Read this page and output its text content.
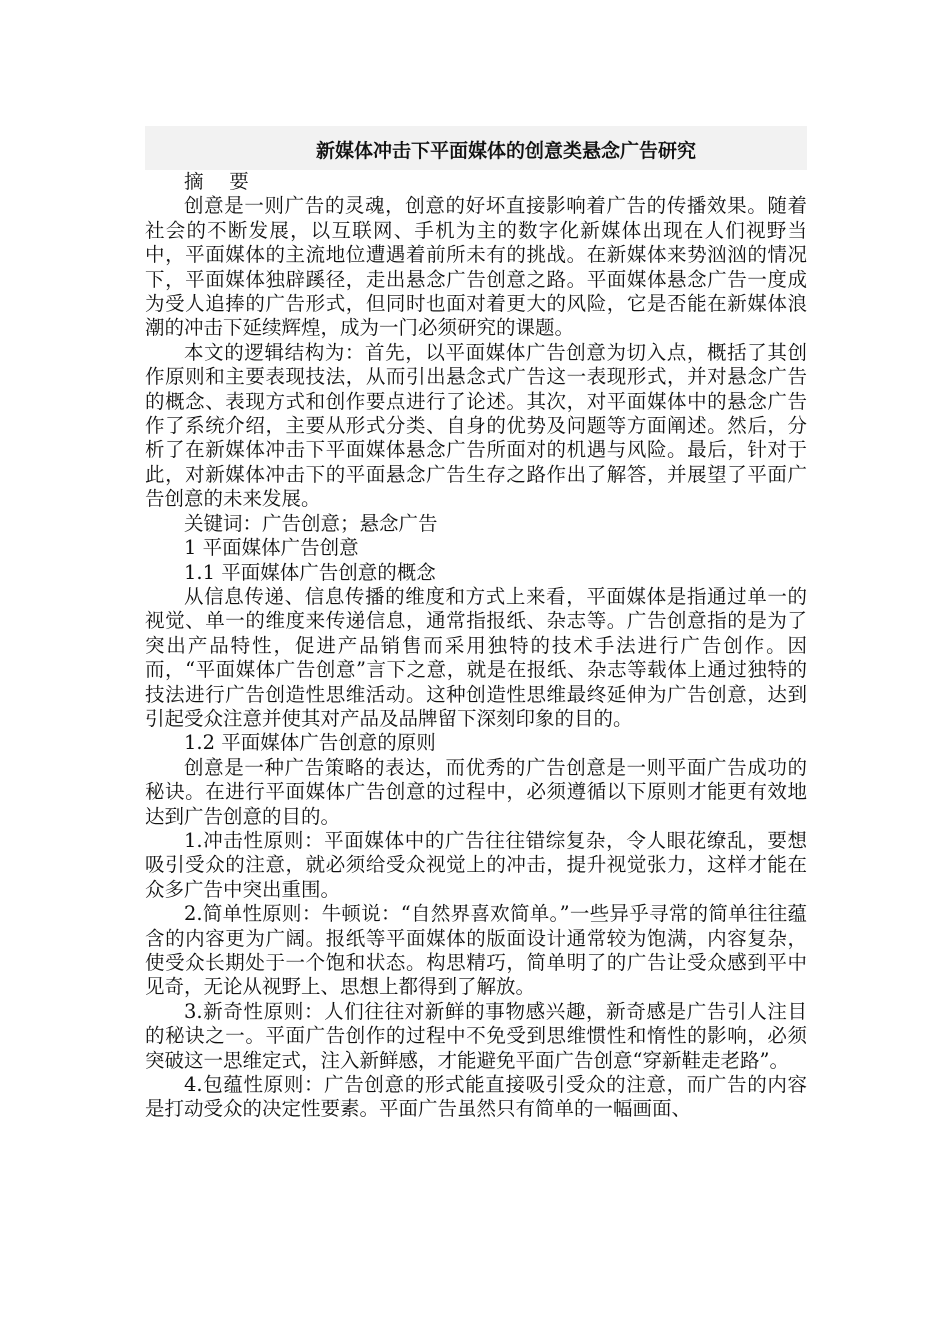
新媒体冲击下平面媒体的创意类悬念广告研究

摘 要

创意是一则广告的灵魂，创意的好坏直接影响着广告的传播效果。随着社会的不断发展，以互联网、手机为主的数字化新媒体出现在人们视野当中，平面媒体的主流地位遭遇着前所未有的挑战。在新媒体来势汹汹的情况下，平面媒体独辟蹊径，走出悬念广告创意之路。平面媒体悬念广告一度成为受人追捧的广告形式，但同时也面对着更大的风险，它是否能在新媒体浪潮的冲击下延续辉煌，成为一门必须研究的课题。

本文的逻辑结构为：首先，以平面媒体广告创意为切入点，概括了其创作原则和主要表现技法，从而引出悬念式广告这一表现形式，并对悬念广告的概念、表现方式和创作要点进行了论述。其次，对平面媒体中的悬念广告作了系统介绍，主要从形式分类、自身的优势及问题等方面阐述。然后，分析了在新媒体冲击下平面媒体悬念广告所面对的机遇与风险。最后，针对于此，对新媒体冲击下的平面悬念广告生存之路作出了解答，并展望了平面广告创意的未来发展。

关键词：广告创意；悬念广告

1 平面媒体广告创意

1.1 平面媒体广告创意的概念

从信息传递、信息传播的维度和方式上来看，平面媒体是指通过单一的视觉、单一的维度来传递信息，通常指报纸、杂志等。广告创意指的是为了突出产品特性，促进产品销售而采用独特的技术手法进行广告创作。因而，“平面媒体广告创意”言下之意，就是在报纸、杂志等载体上通过独特的技法进行广告创造性思维活动。这种创造性思维最终延伸为广告创意，达到引起受众注意并使其对产品及品牌留下深刻印象的目的。

1.2 平面媒体广告创意的原则

创意是一种广告策略的表达，而优秀的广告创意是一则平面广告成功的秘诀。在进行平面媒体广告创意的过程中，必须遵循以下原则才能更有效地达到广告创意的目的。

1.冲击性原则：平面媒体中的广告往往错综复杂，令人眼花缭乱，要想吸引受众的注意，就必须给受众视觉上的冲击，提升视觉张力，这样才能在众多广告中突出重围。

2.简单性原则：牛顿说：“自然界喜欢简单。”一些异乎寻常的简单往往蕴含的内容更为广阔。报纸等平面媒体的版面设计通常较为饱满，内容复杂，使受众长期处于一个饱和状态。构思精巧，简单明了的广告让受众感到平中见奇，无论从视野上、思想上都得到了解放。

3.新奇性原则：人们往往对新鲜的事物感兴趣，新奇感是广告引人注目的秘诀之一。平面广告创作的过程中不免受到思维惯性和惰性的影响，必须突破这一思维定式，注入新鲜感，才能避免平面广告创意“穿新鞋走老路”。

4.包蕴性原则：广告创意的形式能直接吸引受众的注意，而广告的内容是打动受众的决定性要素。平面广告虽然只有简单的一幅画面、
